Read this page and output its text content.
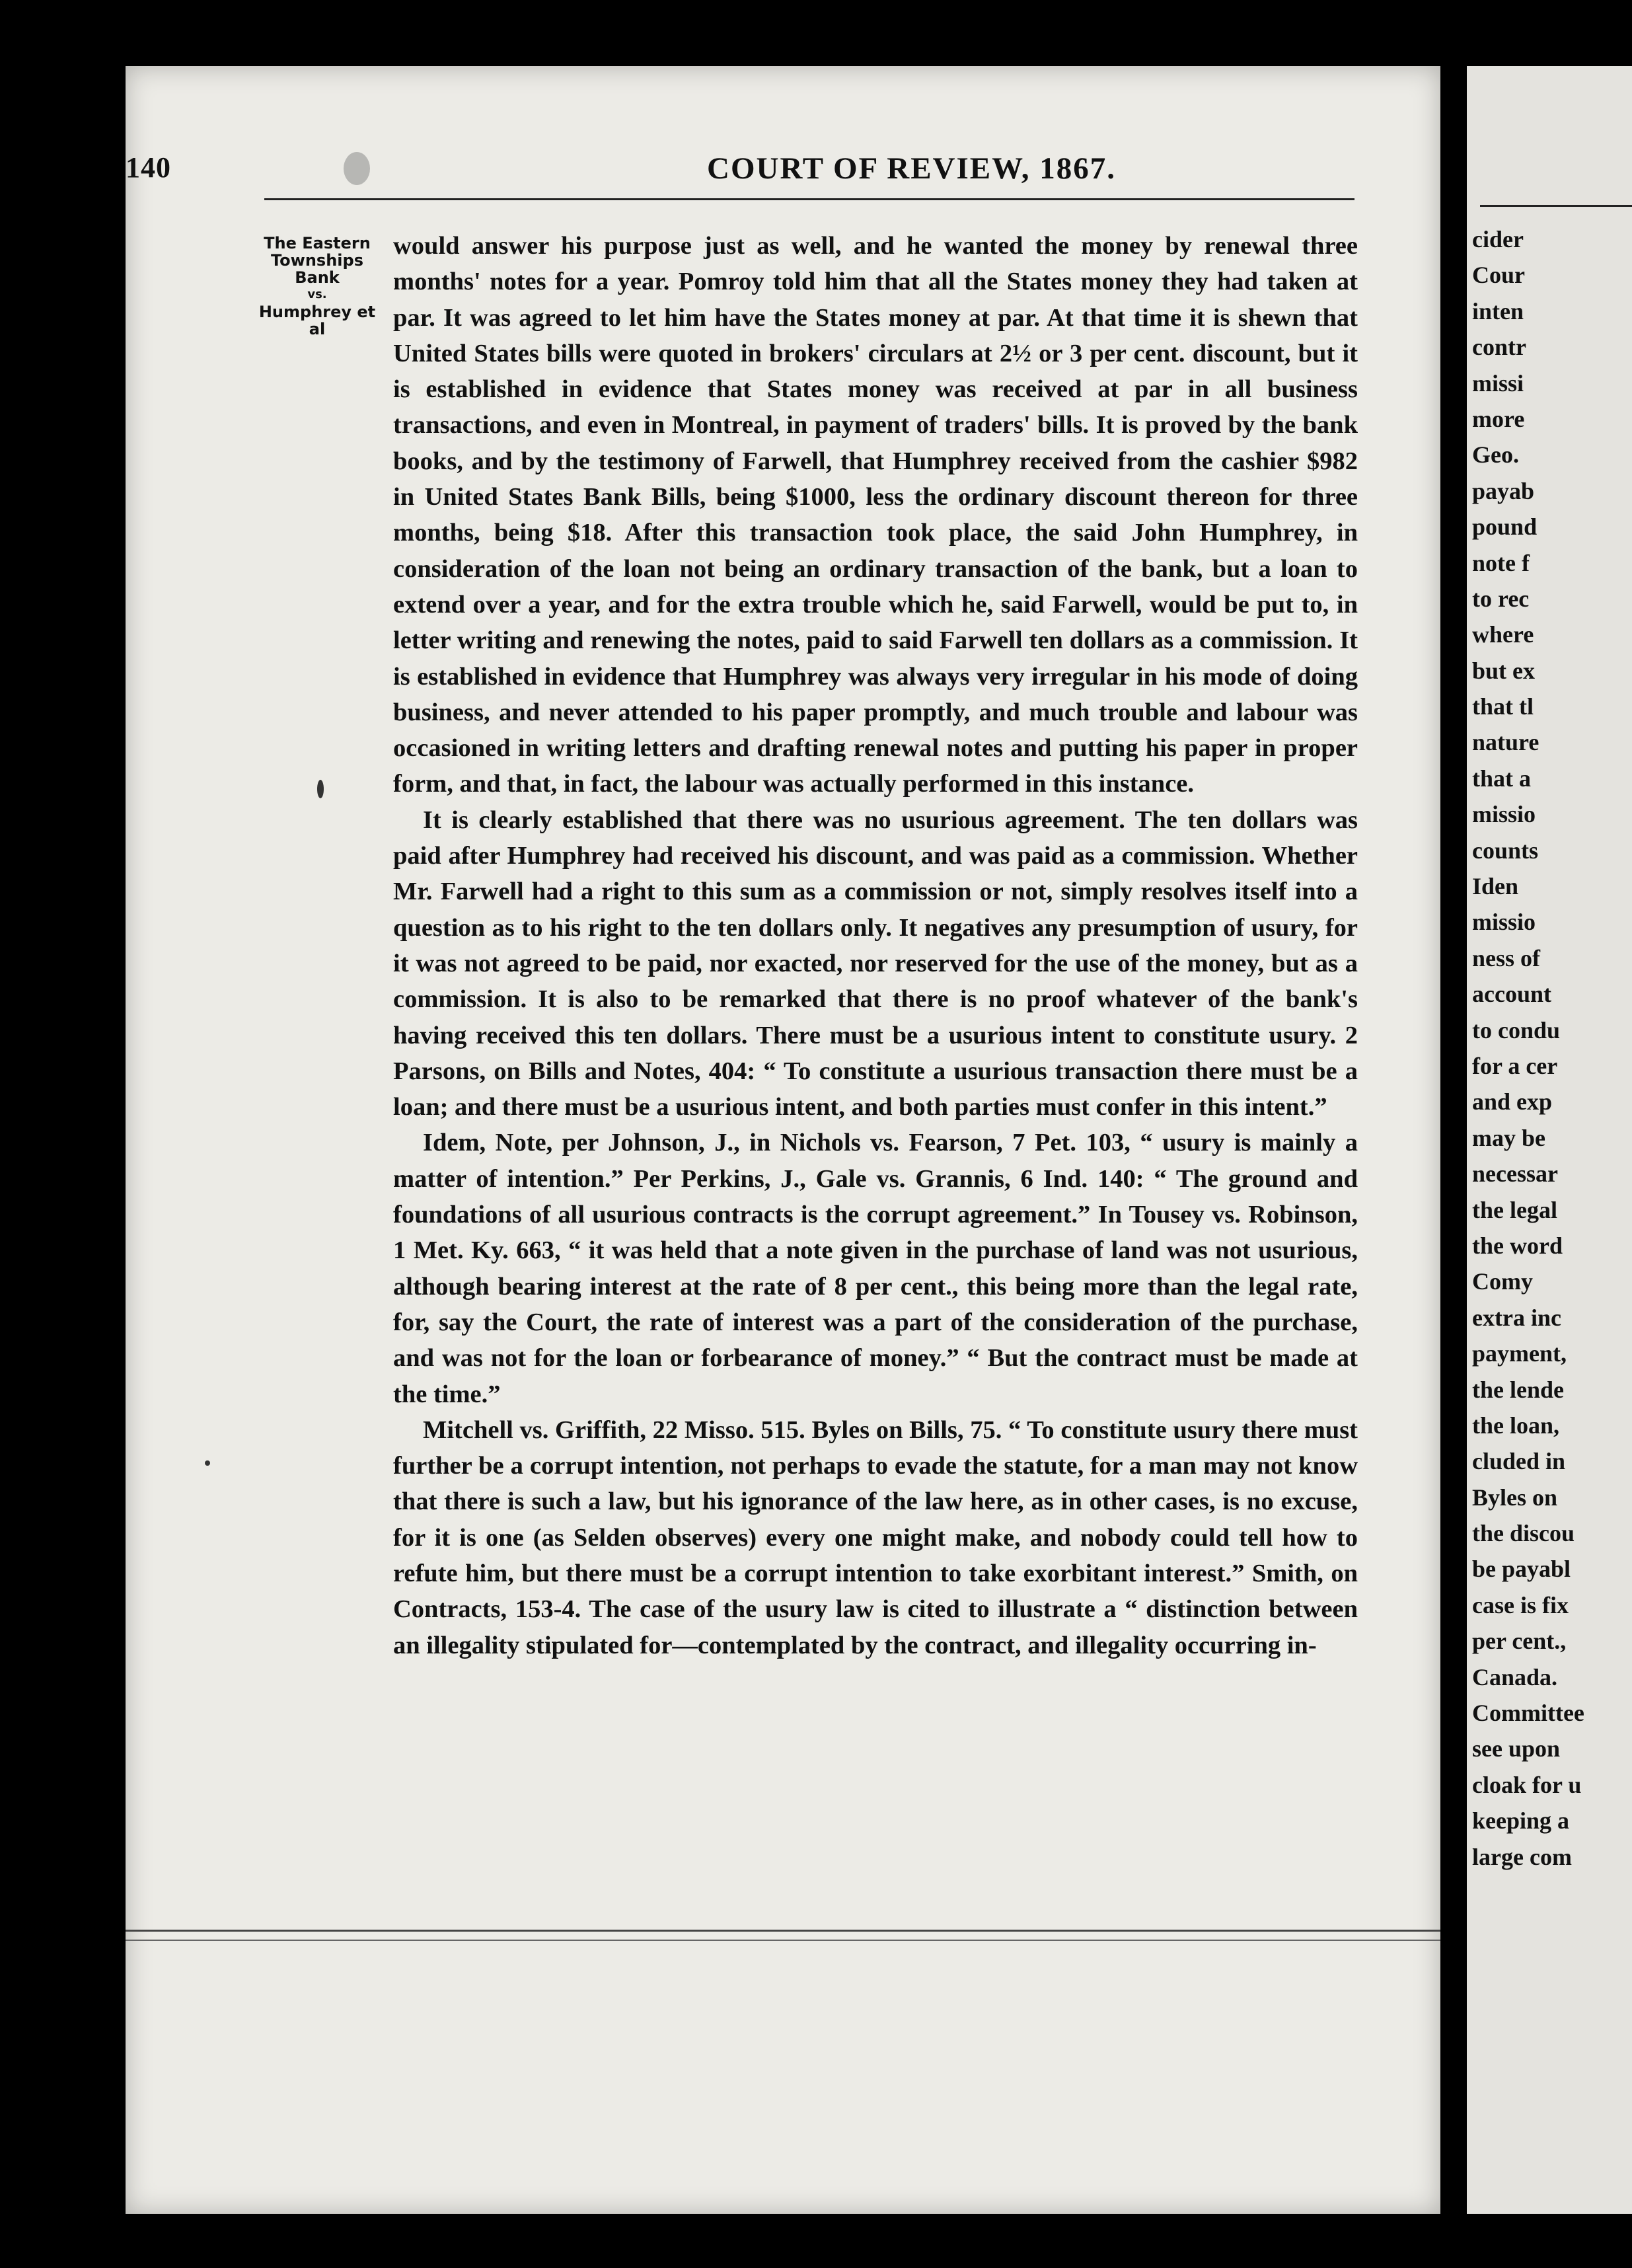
140	COURT OF REVIEW, 1867.
The Eastern
Townships
Bank
vs.
Humphrey et al

would answer his purpose just as well, and he wanted the money by renewal three months' notes for a year. Pomroy told him that all the States money they had taken at par. It was agreed to let him have the States money at par. At that time it is shewn that United States bills were quoted in brokers' circulars at 2½ or 3 per cent. discount, but it is established in evidence that States money was received at par in all business transactions, and even in Montreal, in payment of traders' bills. It is proved by the bank books, and by the testimony of Farwell, that Humphrey received from the cashier $982 in United States Bank Bills, being $1000, less the ordinary discount thereon for three months, being $18. After this transaction took place, the said John Humphrey, in consideration of the loan not being an ordinary transaction of the bank, but a loan to extend over a year, and for the extra trouble which he, said Farwell, would be put to, in letter writing and renewing the notes, paid to said Farwell ten dollars as a commission. It is established in evidence that Humphrey was always very irregular in his mode of doing business, and never attended to his paper promptly, and much trouble and labour was occasioned in writing letters and drafting renewal notes and putting his paper in proper form, and that, in fact, the labour was actually performed in this instance.

It is clearly established that there was no usurious agreement. The ten dollars was paid after Humphrey had received his discount, and was paid as a commission. Whether Mr. Farwell had a right to this sum as a commission or not, simply resolves itself into a question as to his right to the ten dollars only. It negatives any presumption of usury, for it was not agreed to be paid, nor exacted, nor reserved for the use of the money, but as a commission. It is also to be remarked that there is no proof whatever of the bank's having received this ten dollars. There must be a usurious intent to constitute usury. 2 Parsons, on Bills and Notes, 404: “ To constitute a usurious transaction there must be a loan; and there must be a usurious intent, and both parties must confer in this intent.”

Idem, Note, per Johnson, J., in Nichols vs. Fearson, 7 Pet. 103, “ usury is mainly a matter of intention.” Per Perkins, J., Gale vs. Grannis, 6 Ind. 140: “ The ground and foundations of all usurious contracts is the corrupt agreement.” In Tousey vs. Robinson, 1 Met. Ky. 663, “ it was held that a note given in the purchase of land was not usurious, although bearing interest at the rate of 8 per cent., this being more than the legal rate, for, say the Court, the rate of interest was a part of the consideration of the purchase, and was not for the loan or forbearance of money.” “ But the contract must be made at the time.”

Mitchell vs. Griffith, 22 Misso. 515. Byles on Bills, 75. “ To constitute usury there must further be a corrupt intention, not perhaps to evade the statute, for a man may not know that there is such a law, but his ignorance of the law here, as in other cases, is no excuse, for it is one (as Selden observes) every one might make, and nobody could tell how to refute him, but there must be a corrupt intention to take exorbitant interest.” Smith, on Contracts, 153-4. The case of the usury law is cited to illustrate a “ distinction between an illegality stipulated for—contemplated by the contract, and illegality occurring in-

cider
Cour
inten
contr
missi
more
Geo.
payab
pound
note f
to rec
where
but ex
that tl
nature
that a
missio
counts
Iden
missio
ness of
account
to condu
for a cer
and exp
may be
necessar
the legal
the word
Comy
extra inc
payment,
the lende
the loan,
cluded in
Byles on
the discou
be payabl
case is fix
per cent.,
Canada.
Committee
see upon
cloak for u
keeping a
large com
